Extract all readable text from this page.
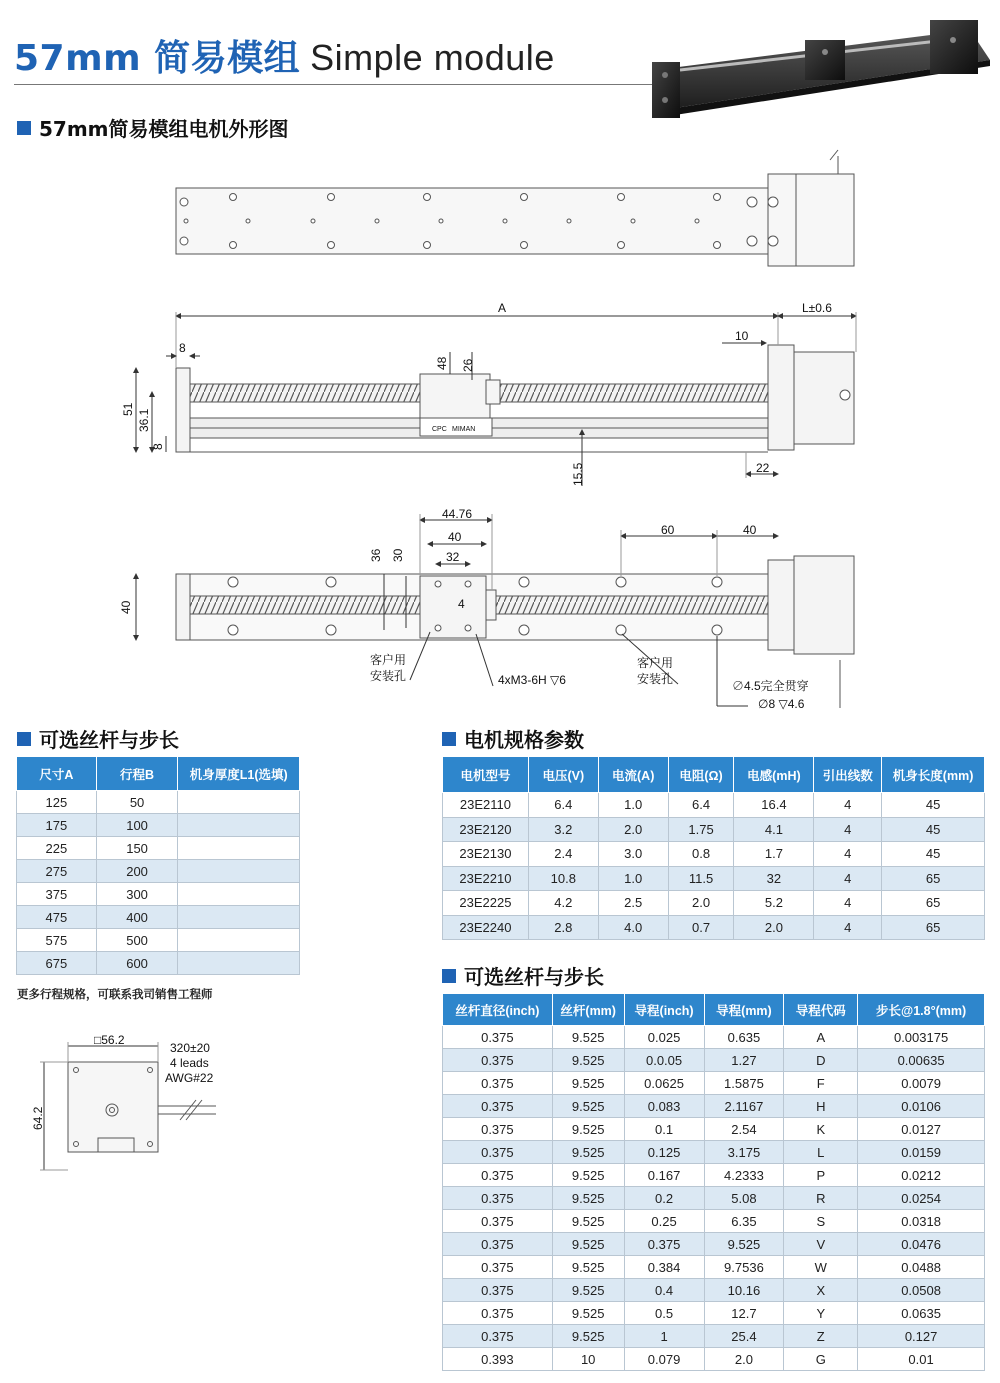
57mm 简易模组 Simple module
57mm简易模组电机外形图
A	L±0.6
10
8
48 26
51 36.1
8
15.5	22
CPC MIMAN
44.76
40
32
36 30
60	40
40	4
客户用
安装孔	4xM3-6H ▽6
客户用
安装孔	∅4.5完全贯穿
∅8 ▽4.6
可选丝杆与步长
尺寸A	行程B	机身厚度L1(选填)
125	50	
175	100	
225	150	
275	200	
375	300	
475	400	
575	500	
675	600	
更多行程规格，可联系我司销售工程师
□56.2
320±20
4 leads
AWG#22
64.2
电机规格参数
电机型号	电压(V)	电流(A)	电阻(Ω)	电感(mH)	引出线数	机身长度(mm)
23E2110	6.4	1.0	6.4	16.4	4	45
23E2120	3.2	2.0	1.75	4.1	4	45
23E2130	2.4	3.0	0.8	1.7	4	45
23E2210	10.8	1.0	11.5	32	4	65
23E2225	4.2	2.5	2.0	5.2	4	65
23E2240	2.8	4.0	0.7	2.0	4	65
可选丝杆与步长
丝杆直径(inch)	丝杆(mm)	导程(inch)	导程(mm)	导程代码	步长@1.8°(mm)
0.375	9.525	0.025	0.635	A	0.003175
0.375	9.525	0.0.05	1.27	D	0.00635
0.375	9.525	0.0625	1.5875	F	0.0079
0.375	9.525	0.083	2.1167	H	0.0106
0.375	9.525	0.1	2.54	K	0.0127
0.375	9.525	0.125	3.175	L	0.0159
0.375	9.525	0.167	4.2333	P	0.0212
0.375	9.525	0.2	5.08	R	0.0254
0.375	9.525	0.25	6.35	S	0.0318
0.375	9.525	0.375	9.525	V	0.0476
0.375	9.525	0.384	9.7536	W	0.0488
0.375	9.525	0.4	10.16	X	0.0508
0.375	9.525	0.5	12.7	Y	0.0635
0.375	9.525	1	25.4	Z	0.127
0.393	10	0.079	2.0	G	0.01
